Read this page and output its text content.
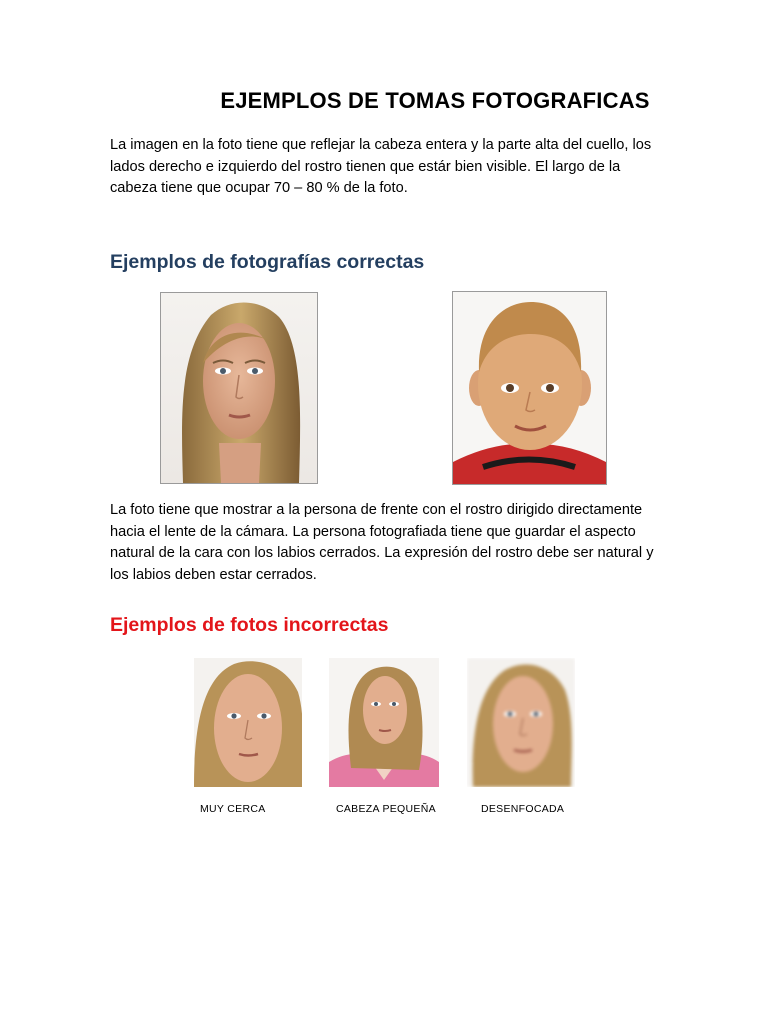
EJEMPLOS DE TOMAS FOTOGRAFICAS
La imagen en la foto tiene que reflejar la cabeza entera y la parte alta del cuello, los lados derecho e izquierdo del rostro tienen que estár bien visible. El largo de la cabeza tiene que ocupar 70 – 80 % de la foto.
Ejemplos de fotografías correctas
La foto tiene que mostrar a la persona de frente con el rostro dirigido directamente hacia el lente de la cámara. La persona fotografiada tiene que guardar el aspecto natural de la cara con los labios cerrados. La expresión del rostro debe ser natural y los labios deben estar cerrados.
Ejemplos de fotos incorrectas
MUY CERCA	CABEZA PEQUEÑA	DESENFOCADA
